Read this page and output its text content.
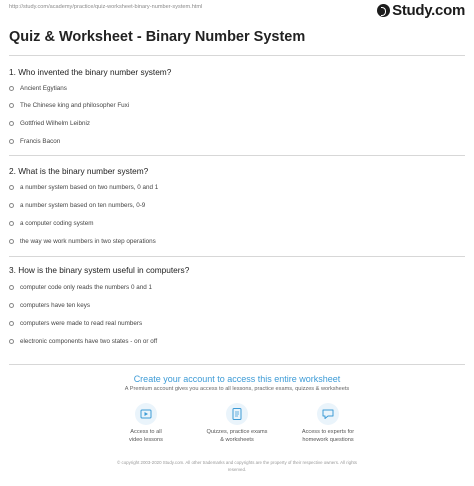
http://study.com/academy/practice/quiz-worksheet-binary-number-system.html	Study.com
Quiz & Worksheet - Binary Number System
1. Who invented the binary number system?
Ancient Egytians
The Chinese king and philosopher Fuxi
Gottfried Wilhelm Leibniz
Francis Bacon
2. What is the binary number system?
a number system based on two numbers, 0 and 1
a number system based on ten numbers, 0-9
a computer coding system
the way we work numbers in two step operations
3. How is the binary system useful in computers?
computer code only reads the numbers 0 and 1
computers have ten keys
computers were made to read real numbers
electronic components have two states - on or off
Create your account to access this entire worksheet
A Premium account gives you access to all lessons, practice exams, quizzes & worksheets
Access to all
video lessons
Quizzes, practice exams
& worksheets
Access to experts for
homework questions
© copyright 2003-2020 Study.com. All other trademarks and copyrights are the property of their respective owners. All rights
reserved.
